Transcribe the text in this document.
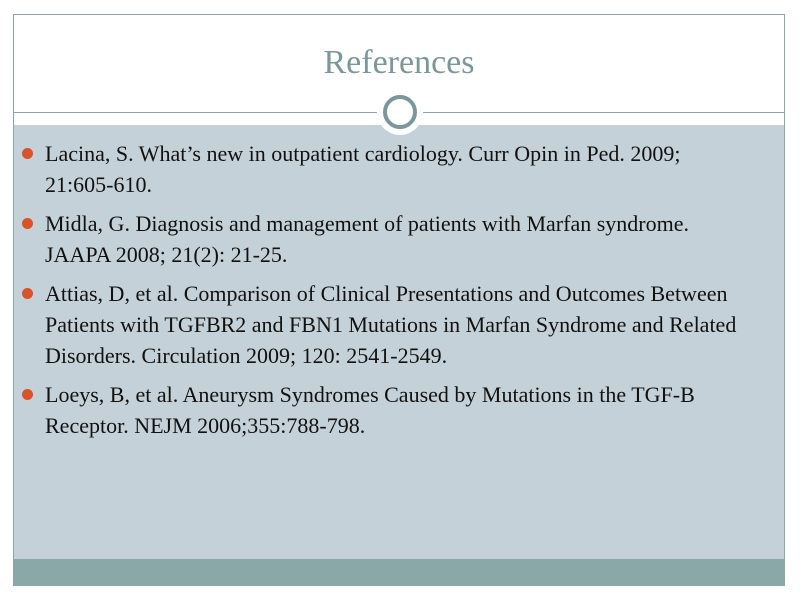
References
Lacina, S. What’s new in outpatient cardiology. Curr Opin in Ped. 2009; 21:605-610.
Midla, G. Diagnosis and management of patients with Marfan syndrome. JAAPA 2008; 21(2): 21-25.
Attias, D, et al. Comparison of Clinical Presentations and Outcomes Between Patients with TGFBR2 and FBN1 Mutations in Marfan Syndrome and Related Disorders. Circulation 2009; 120: 2541-2549.
Loeys, B, et al. Aneurysm Syndromes Caused by Mutations in the TGF-B Receptor. NEJM 2006;355:788-798.
